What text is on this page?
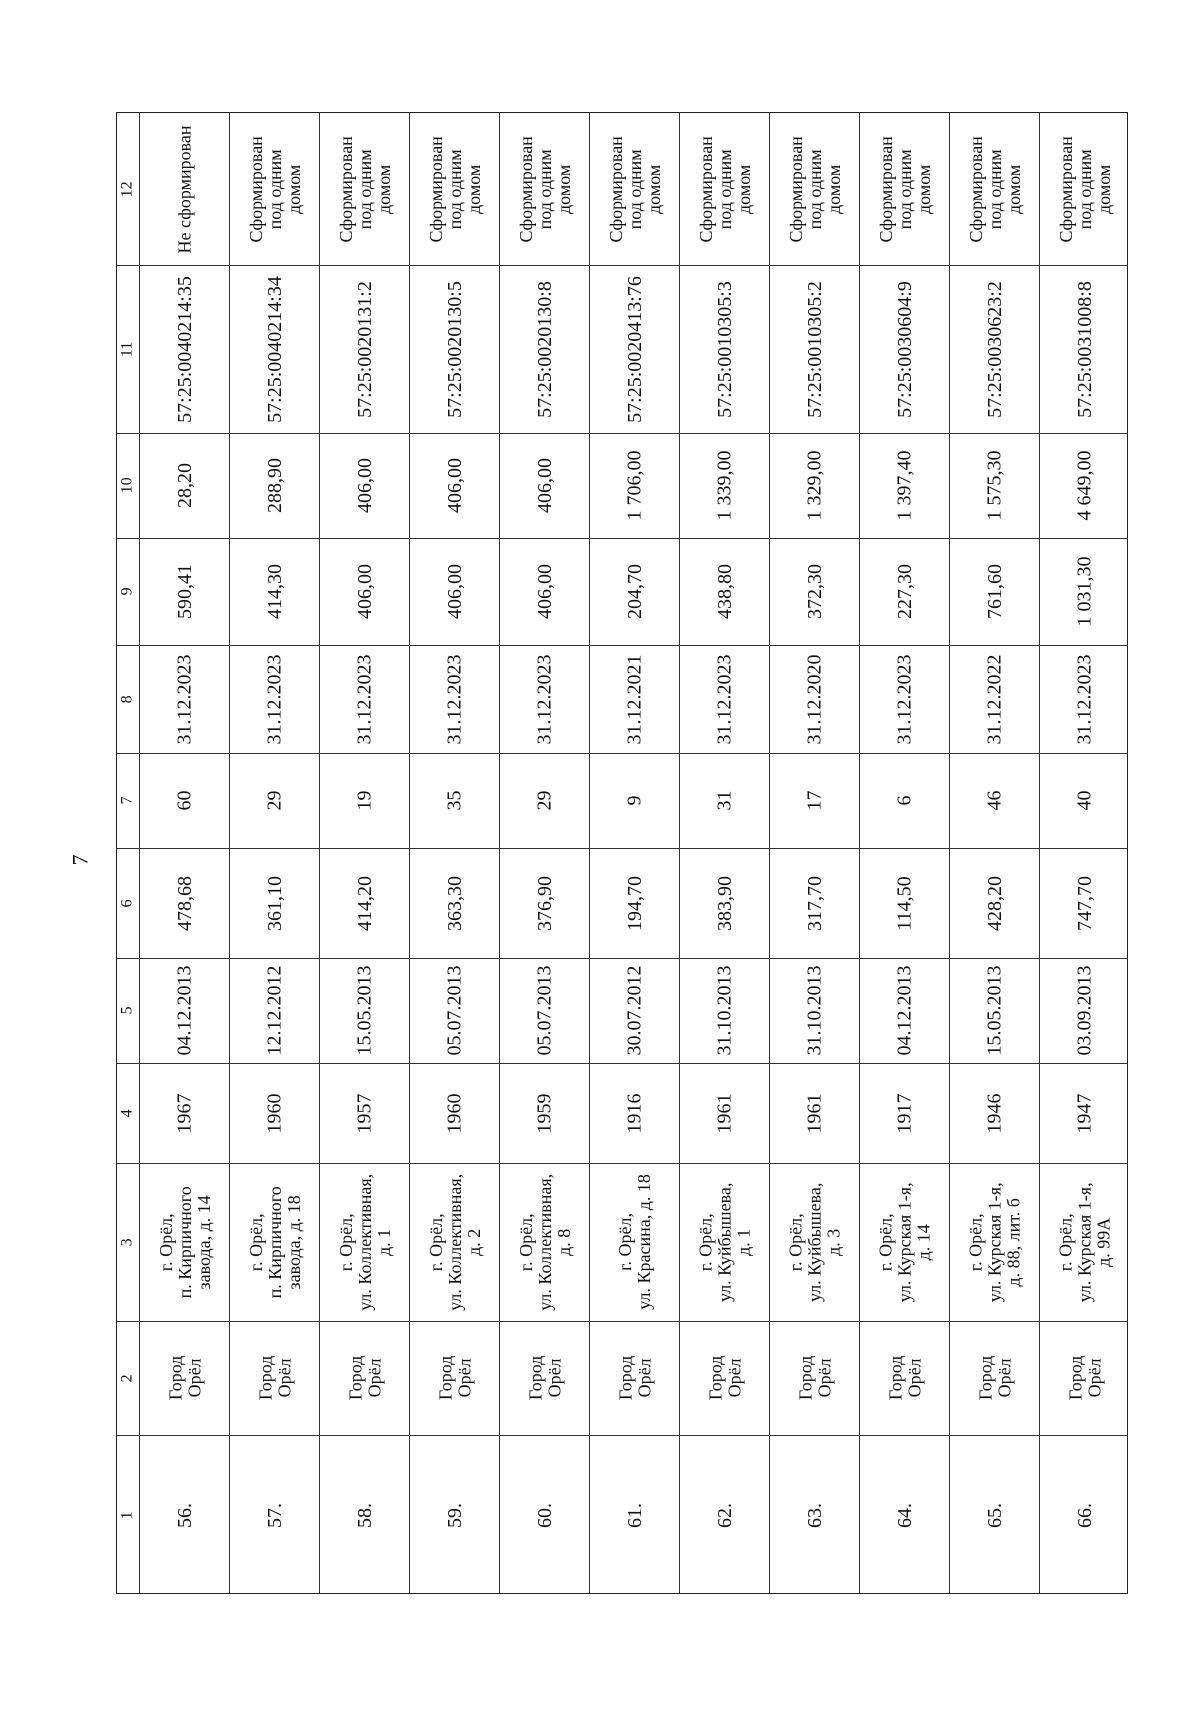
7
1
2
3
4
5
6
7
8
9
10
11
12
56.
Город
Орёл
г. Орёл,
п. Кирпичного
завода, д. 14
1967
04.12.2013
478,68
60
31.12.2023
590,41
28,20
57:25:0040214:35
Не сформирован
57.
Город
Орёл
г. Орёл,
п. Кирпичного
завода, д. 18
1960
12.12.2012
361,10
29
31.12.2023
414,30
288,90
57:25:0040214:34
Сформирован
под одним
домом
58.
Город
Орёл
г. Орёл,
ул. Коллективная,
д. 1
1957
15.05.2013
414,20
19
31.12.2023
406,00
406,00
57:25:0020131:2
Сформирован
под одним
домом
59.
Город
Орёл
г. Орёл,
ул. Коллективная,
д. 2
1960
05.07.2013
363,30
35
31.12.2023
406,00
406,00
57:25:0020130:5
Сформирован
под одним
домом
60.
Город
Орёл
г. Орёл,
ул. Коллективная,
д. 8
1959
05.07.2013
376,90
29
31.12.2023
406,00
406,00
57:25:0020130:8
Сформирован
под одним
домом
61.
Город
Орёл
г. Орёл,
ул. Красина, д. 18
1916
30.07.2012
194,70
9
31.12.2021
204,70
1 706,00
57:25:0020413:76
Сформирован
под одним
домом
62.
Город
Орёл
г. Орёл,
ул. Куйбышева,
д. 1
1961
31.10.2013
383,90
31
31.12.2023
438,80
1 339,00
57:25:0010305:3
Сформирован
под одним
домом
63.
Город
Орёл
г. Орёл,
ул. Куйбышева,
д. 3
1961
31.10.2013
317,70
17
31.12.2020
372,30
1 329,00
57:25:0010305:2
Сформирован
под одним
домом
64.
Город
Орёл
г. Орёл,
ул. Курская 1-я,
д. 14
1917
04.12.2013
114,50
6
31.12.2023
227,30
1 397,40
57:25:0030604:9
Сформирован
под одним
домом
65.
Город
Орёл
г. Орёл,
ул. Курская 1-я,
д. 88, лит. б
1946
15.05.2013
428,20
46
31.12.2022
761,60
1 575,30
57:25:0030623:2
Сформирован
под одним
домом
66.
Город
Орёл
г. Орёл,
ул. Курская 1-я,
д. 99А
1947
03.09.2013
747,70
40
31.12.2023
1 031,30
4 649,00
57:25:0031008:8
Сформирован
под одним
домом
